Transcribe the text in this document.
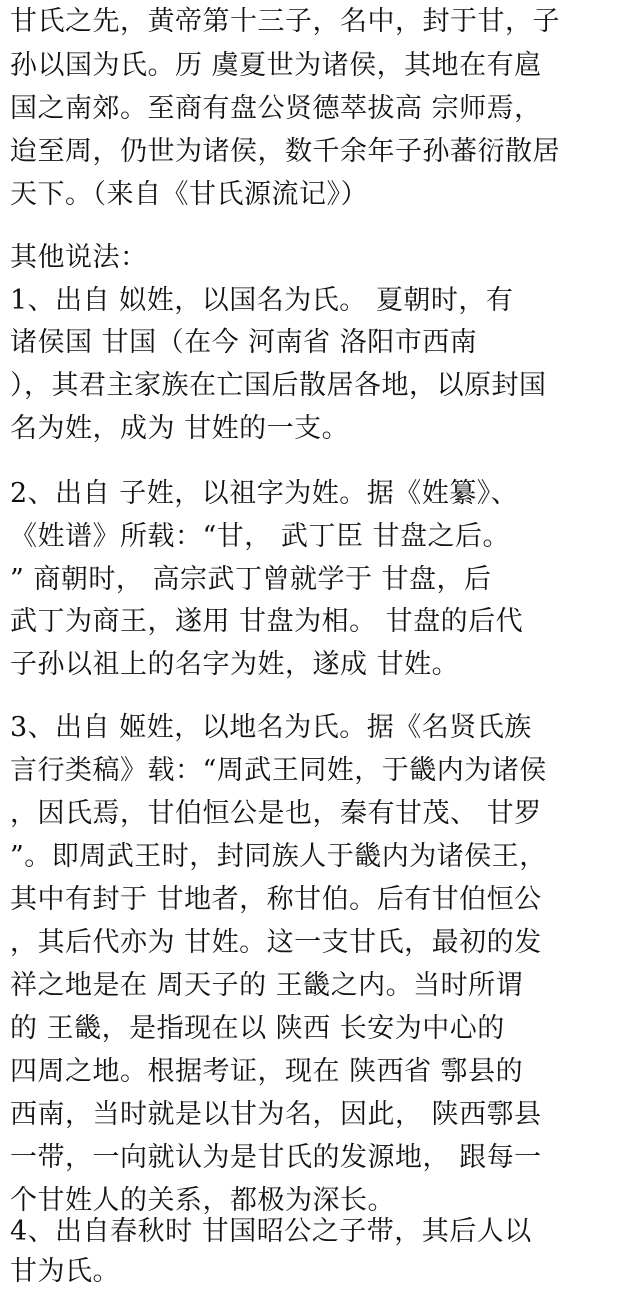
甘氏之先，黄帝第十三子，名中，封于甘，子
孙以国为氏。历 虞夏世为诸侯，其地在有扈
国之南郊。至商有盘公贤德萃拔高 宗师焉，
迨至周，仍世为诸侯，数千余年子孙蕃衍散居
天下。（来自《甘氏源流记》）
其他说法：
1、出自 姒姓，以国名为氏。 夏朝时，有
诸侯国 甘国（在今 河南省 洛阳市西南
），其君主家族在亡国后散居各地，以原封国
名为姓，成为 甘姓的一支。
2、出自 子姓，以祖字为姓。据《姓纂》、
《姓谱》所载：“甘， 武丁臣 甘盘之后。
” 商朝时， 高宗武丁曾就学于 甘盘，后
武丁为商王，遂用 甘盘为相。 甘盘的后代
子孙以祖上的名字为姓，遂成 甘姓。
3、出自 姬姓，以地名为氏。据《名贤氏族
言行类稿》载：“周武王同姓，于畿内为诸侯
，因氏焉，甘伯恒公是也，秦有甘茂、 甘罗
”。即周武王时，封同族人于畿内为诸侯王，
其中有封于 甘地者，称甘伯。后有甘伯恒公
，其后代亦为 甘姓。这一支甘氏，最初的发
祥之地是在 周天子的 王畿之内。当时所谓
的 王畿，是指现在以 陕西 长安为中心的
四周之地。根据考证，现在 陕西省 鄠县的
西南，当时就是以甘为名，因此， 陕西鄠县
一带，一向就认为是甘氏的发源地， 跟每一
个甘姓人的关系，都极为深长。
4、出自春秋时 甘国昭公之子带，其后人以
甘为氏。
